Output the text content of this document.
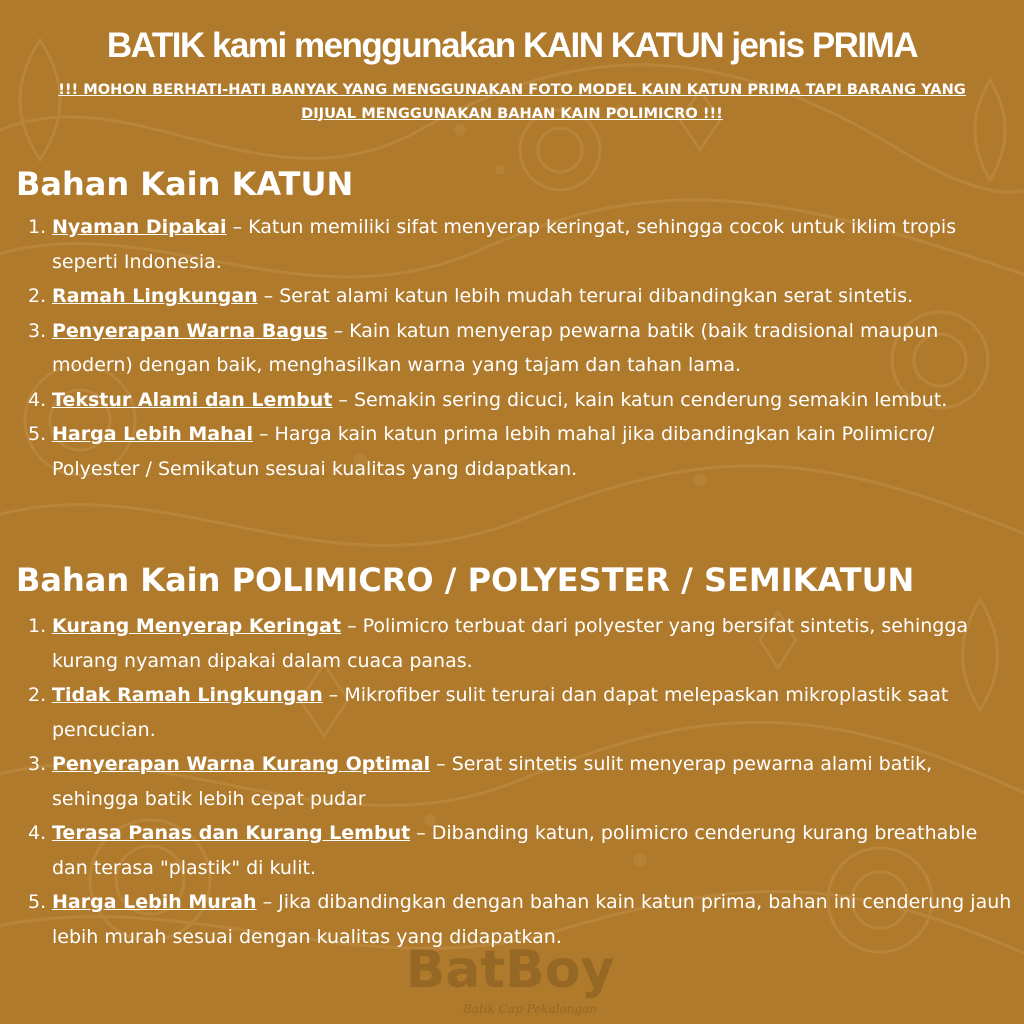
BATIK kami menggunakan KAIN KATUN jenis PRIMA

!!! MOHON BERHATI-HATI BANYAK YANG MENGGUNAKAN FOTO MODEL KAIN KATUN PRIMA TAPI BARANG YANG DIJUAL MENGGUNAKAN BAHAN KAIN POLIMICRO !!!

Bahan Kain KATUN
1. Nyaman Dipakai – Katun memiliki sifat menyerap keringat, sehingga cocok untuk iklim tropis seperti Indonesia.
2. Ramah Lingkungan – Serat alami katun lebih mudah terurai dibandingkan serat sintetis.
3. Penyerapan Warna Bagus – Kain katun menyerap pewarna batik (baik tradisional maupun modern) dengan baik, menghasilkan warna yang tajam dan tahan lama.
4. Tekstur Alami dan Lembut – Semakin sering dicuci, kain katun cenderung semakin lembut.
5. Harga Lebih Mahal – Harga kain katun prima lebih mahal jika dibandingkan kain Polimicro/ Polyester / Semikatun sesuai kualitas yang didapatkan.
Bahan Kain POLIMICRO / POLYESTER / SEMIKATUN
1. Kurang Menyerap Keringat – Polimicro terbuat dari polyester yang bersifat sintetis, sehingga kurang nyaman dipakai dalam cuaca panas.
2. Tidak Ramah Lingkungan – Mikrofiber sulit terurai dan dapat melepaskan mikroplastik saat pencucian.
3. Penyerapan Warna Kurang Optimal – Serat sintetis sulit menyerap pewarna alami batik, sehingga batik lebih cepat pudar
4. Terasa Panas dan Kurang Lembut – Dibanding katun, polimicro cenderung kurang breathable dan terasa "plastik" di kulit.
5. Harga Lebih Murah – Jika dibandingkan dengan bahan kain katun prima, bahan ini cenderung jauh lebih murah sesuai dengan kualitas yang didapatkan.
BatBoy
Batik Cap Pekalongan
